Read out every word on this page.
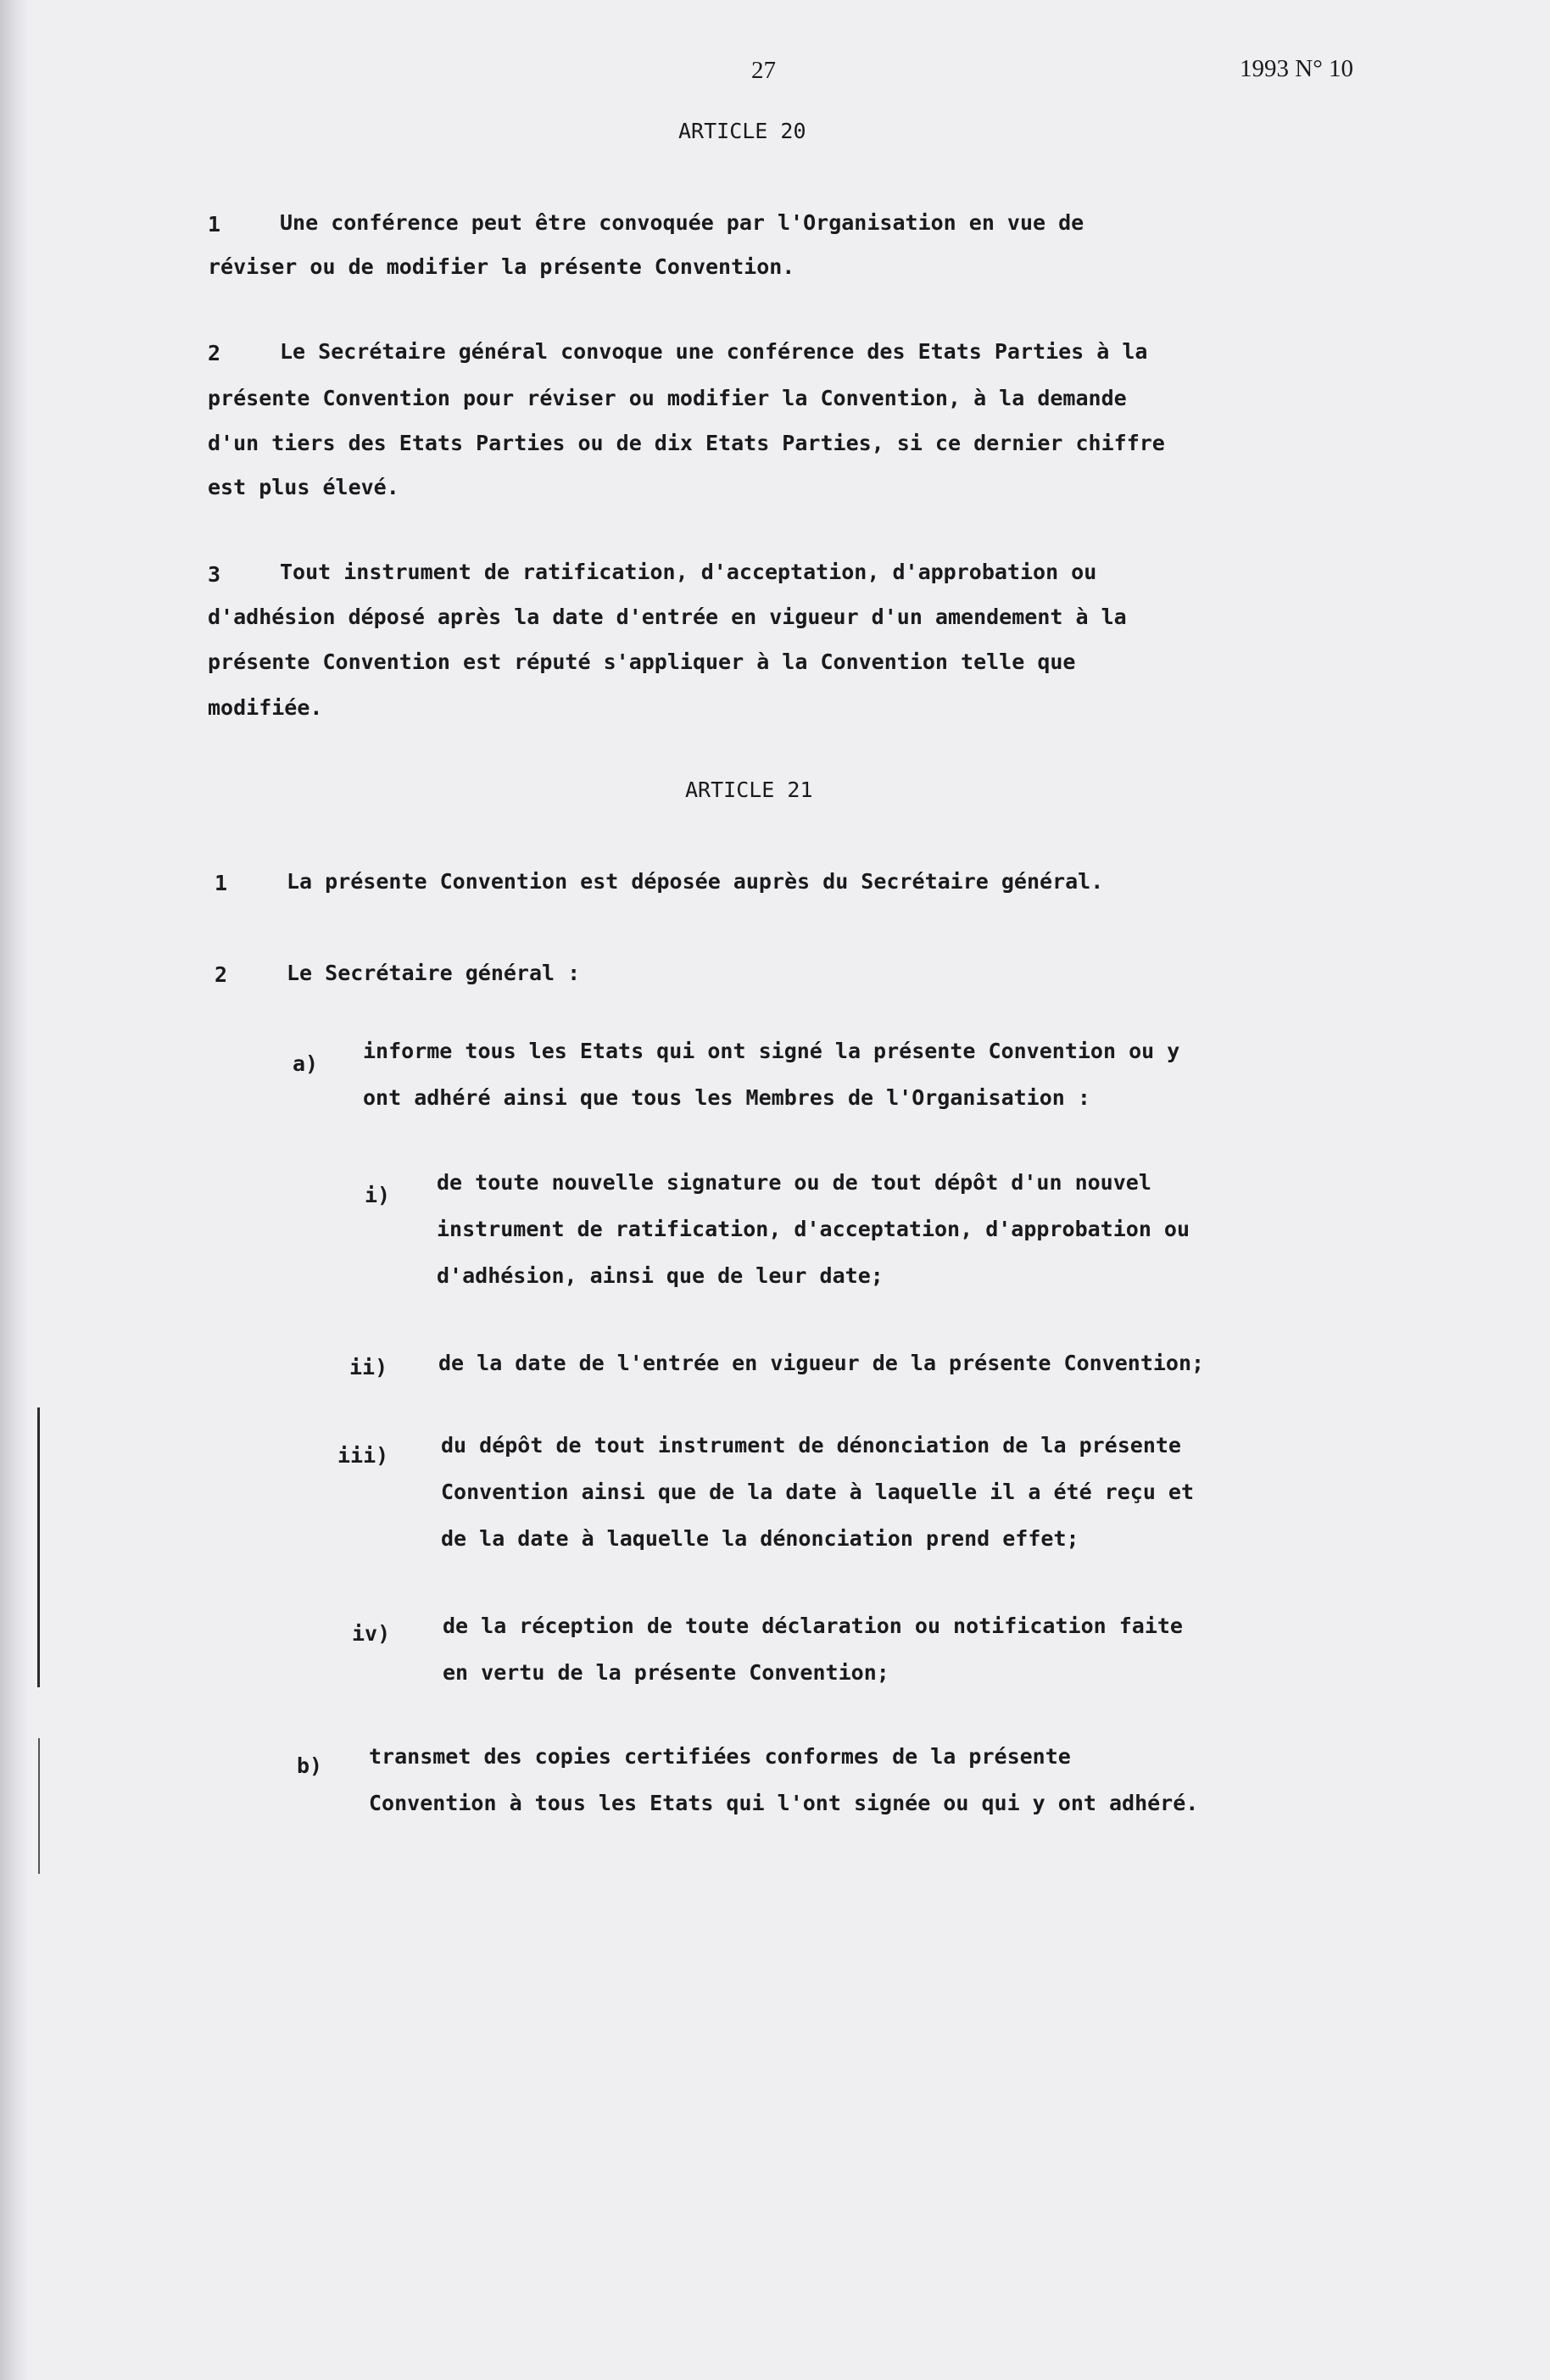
27	1993 N° 10

ARTICLE 20

1	Une conférence peut être convoquée par l'Organisation en vue de

réviser ou de modifier la présente Convention.

2	Le Secrétaire général convoque une conférence des Etats Parties à la

présente Convention pour réviser ou modifier la Convention, à la demande

d'un tiers des Etats Parties ou de dix Etats Parties, si ce dernier chiffre

est plus élevé.

3	Tout instrument de ratification, d'acceptation, d'approbation ou

d'adhésion déposé après la date d'entrée en vigueur d'un amendement à la

présente Convention est réputé s'appliquer à la Convention telle que

modifiée.

ARTICLE 21

1	La présente Convention est déposée auprès du Secrétaire général.

2	Le Secrétaire général :

a)

informe tous les Etats qui ont signé la présente Convention ou y

ont adhéré ainsi que tous les Membres de l'Organisation :

i)

de toute nouvelle signature ou de tout dépôt d'un nouvel

instrument de ratification, d'acceptation, d'approbation ou

d'adhésion, ainsi que de leur date;

ii) de la date de l'entrée en vigueur de la présente Convention;

iii) du dépôt de tout instrument de dénonciation de la présente

Convention ainsi que de la date à laquelle il a été reçu et

de la date à laquelle la dénonciation prend effet;

iv) de la réception de toute déclaration ou notification faite

en vertu de la présente Convention;

b) transmet des copies certifiées conformes de la présente

Convention à tous les Etats qui l'ont signée ou qui y ont adhéré.
